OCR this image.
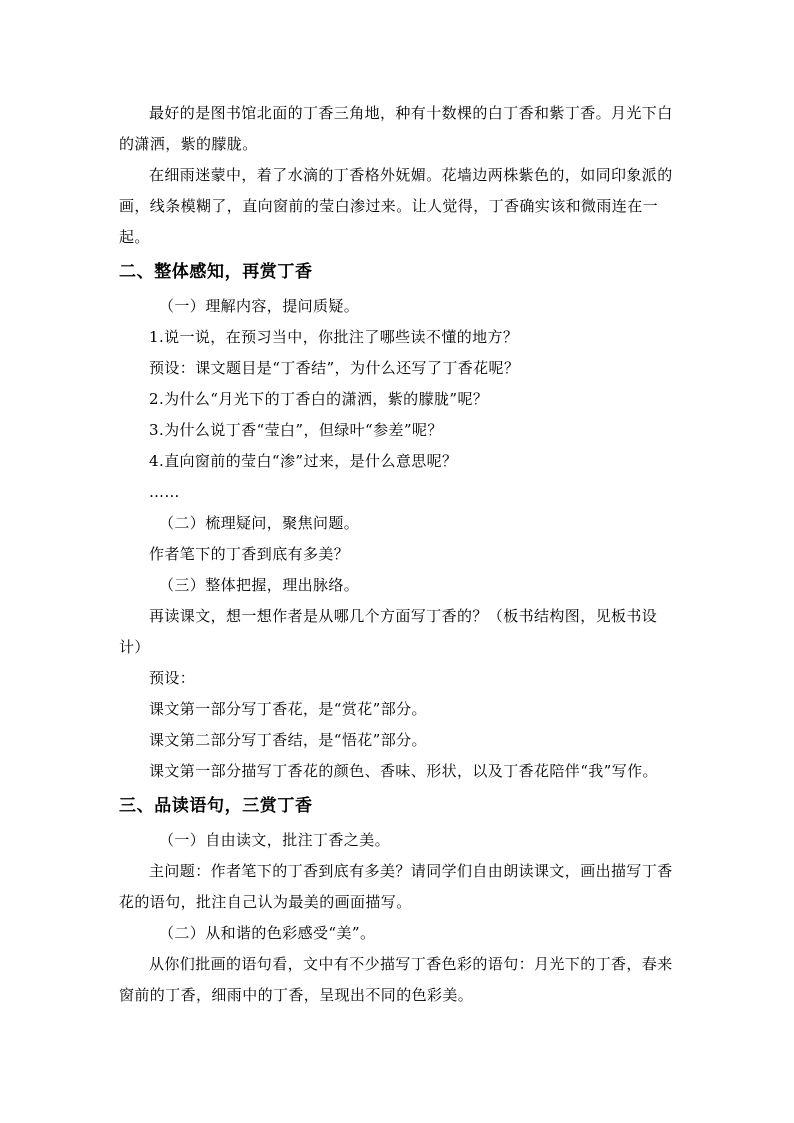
最好的是图书馆北面的丁香三角地，种有十数棵的白丁香和紫丁香。月光下白的潇洒，紫的朦胧。

在细雨迷蒙中，着了水滴的丁香格外妩媚。花墙边两株紫色的，如同印象派的画，线条模糊了，直向窗前的莹白渗过来。让人觉得，丁香确实该和微雨连在一起。

二、整体感知，再赏丁香

（一）理解内容，提问质疑。

1.说一说，在预习当中，你批注了哪些读不懂的地方？

预设：课文题目是“丁香结”，为什么还写了丁香花呢？

2.为什么“月光下的丁香白的潇洒，紫的朦胧”呢？

3.为什么说丁香“莹白”，但绿叶“参差”呢？

4.直向窗前的莹白“渗”过来，是什么意思呢？

……

（二）梳理疑问，聚焦问题。

作者笔下的丁香到底有多美？

（三）整体把握，理出脉络。

再读课文，想一想作者是从哪几个方面写丁香的？（板书结构图，见板书设计）

预设：

课文第一部分写丁香花，是“赏花”部分。

课文第二部分写丁香结，是“悟花”部分。

课文第一部分描写丁香花的颜色、香味、形状，以及丁香花陪伴“我”写作。

三、品读语句，三赏丁香

（一）自由读文，批注丁香之美。

主问题：作者笔下的丁香到底有多美？请同学们自由朗读课文，画出描写丁香花的语句，批注自己认为最美的画面描写。

（二）从和谐的色彩感受“美”。

从你们批画的语句看，文中有不少描写丁香色彩的语句：月光下的丁香，春来窗前的丁香，细雨中的丁香，呈现出不同的色彩美。
